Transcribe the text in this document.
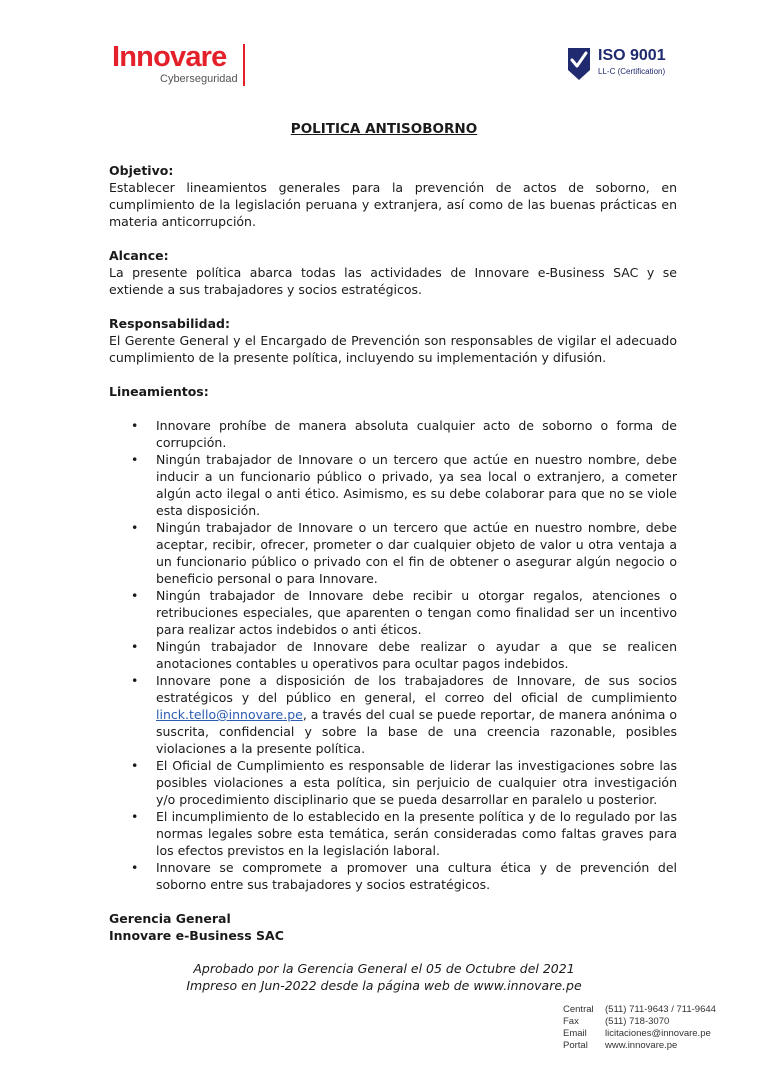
Innovare
Cyberseguridad
ISO 9001
LL-C (Certification)
POLITICA ANTISOBORNO
Objetivo:
Establecer lineamientos generales para la prevención de actos de soborno, en cumplimiento de la legislación peruana y extranjera, así como de las buenas prácticas en materia anticorrupción.
Alcance:
La presente política abarca todas las actividades de Innovare e-Business SAC y se extiende a sus trabajadores y socios estratégicos.
Responsabilidad:
El Gerente General y el Encargado de Prevención son responsables de vigilar el adecuado cumplimiento de la presente política, incluyendo su implementación y difusión.
Lineamientos:
• Innovare prohíbe de manera absoluta cualquier acto de soborno o forma de corrupción.
• Ningún trabajador de Innovare o un tercero que actúe en nuestro nombre, debe inducir a un funcionario público o privado, ya sea local o extranjero, a cometer algún acto ilegal o anti ético. Asimismo, es su debe colaborar para que no se viole esta disposición.
• Ningún trabajador de Innovare o un tercero que actúe en nuestro nombre, debe aceptar, recibir, ofrecer, prometer o dar cualquier objeto de valor u otra ventaja a un funcionario público o privado con el fin de obtener o asegurar algún negocio o beneficio personal o para Innovare.
• Ningún trabajador de Innovare debe recibir u otorgar regalos, atenciones o retribuciones especiales, que aparenten o tengan como finalidad ser un incentivo para realizar actos indebidos o anti éticos.
• Ningún trabajador de Innovare debe realizar o ayudar a que se realicen anotaciones contables u operativos para ocultar pagos indebidos.
• Innovare pone a disposición de los trabajadores de Innovare, de sus socios estratégicos y del público en general, el correo del oficial de cumplimiento linck.tello@innovare.pe, a través del cual se puede reportar, de manera anónima o suscrita, confidencial y sobre la base de una creencia razonable, posibles violaciones a la presente política.
• El Oficial de Cumplimiento es responsable de liderar las investigaciones sobre las posibles violaciones a esta política, sin perjuicio de cualquier otra investigación y/o procedimiento disciplinario que se pueda desarrollar en paralelo u posterior.
• El incumplimiento de lo establecido en la presente política y de lo regulado por las normas legales sobre esta temática, serán consideradas como faltas graves para los efectos previstos en la legislación laboral.
• Innovare se compromete a promover una cultura ética y de prevención del soborno entre sus trabajadores y socios estratégicos.
Gerencia General
Innovare e-Business SAC
Aprobado por la Gerencia General el 05 de Octubre del 2021
Impreso en Jun-2022 desde la página web de www.innovare.pe
Central	(511) 711-9643 / 711-9644
Fax	(511) 718-3070
Email	licitaciones@innovare.pe
Portal	www.innovare.pe
